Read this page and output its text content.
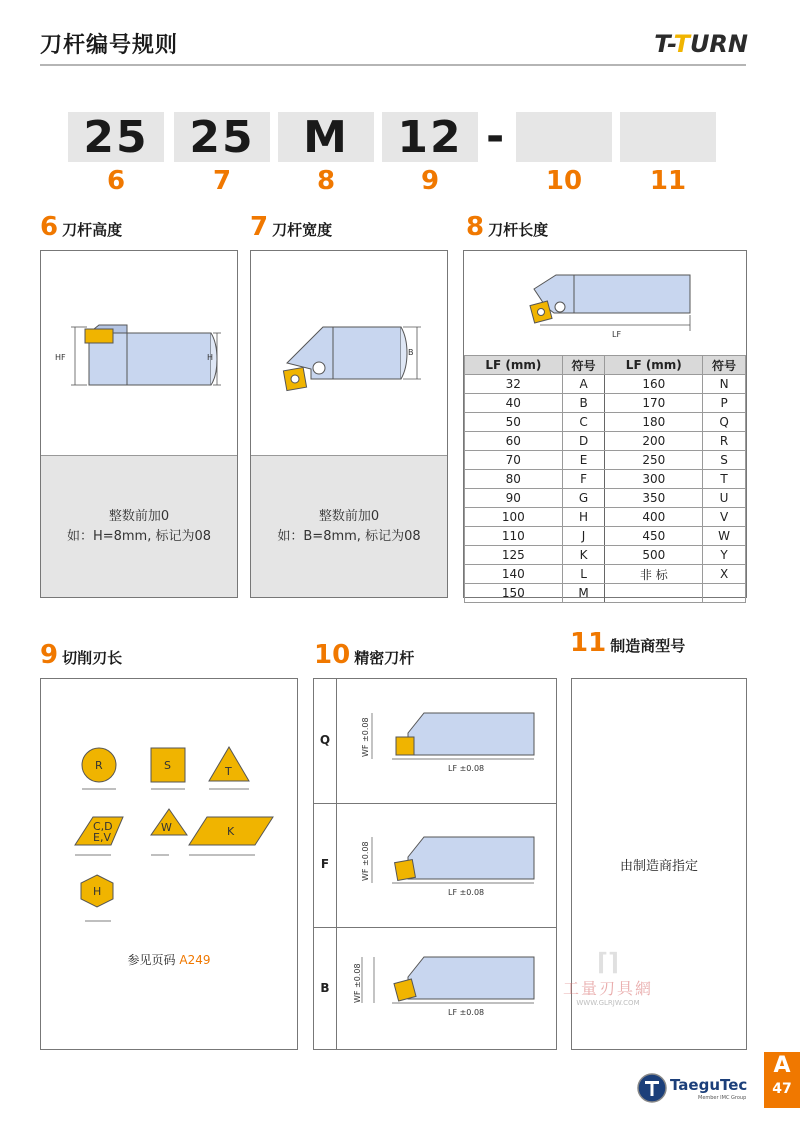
刀杆编号规则	T-TURN
25 25	M	12 -
6	7	8	9	10	11
6 刀杆高度
HF	H
整数前加0
如：H=8mm, 标记为08
7 刀杆宽度
B
整数前加0
如：B=8mm, 标记为08
8 刀杆长度
LF
LF (mm)	符号	LF (mm)	符号
32	A	160	N
40	B	170	P
50	C	180	Q
60	D	200	R
70	E	250	S
80	F	300	T
90	G	350	U
100	H	400	V
110	J	450	W
125	K	500	Y
140	L	非 标	X
150	M		
9 切削刃长
R	S	T
C,D
E,V
W	K
H
参见页码 A249
10 精密刀杆
Q
F
B
LF ±0.08
WF ±0.08
LF ±0.08
WF ±0.08
LF ±0.08
WF ±0.08
11 制造商型号
由制造商指定
⌈⌉
工量刃具網
WWW.GLRJW.COM
TaeguTec
Member IMC Group
A
47
